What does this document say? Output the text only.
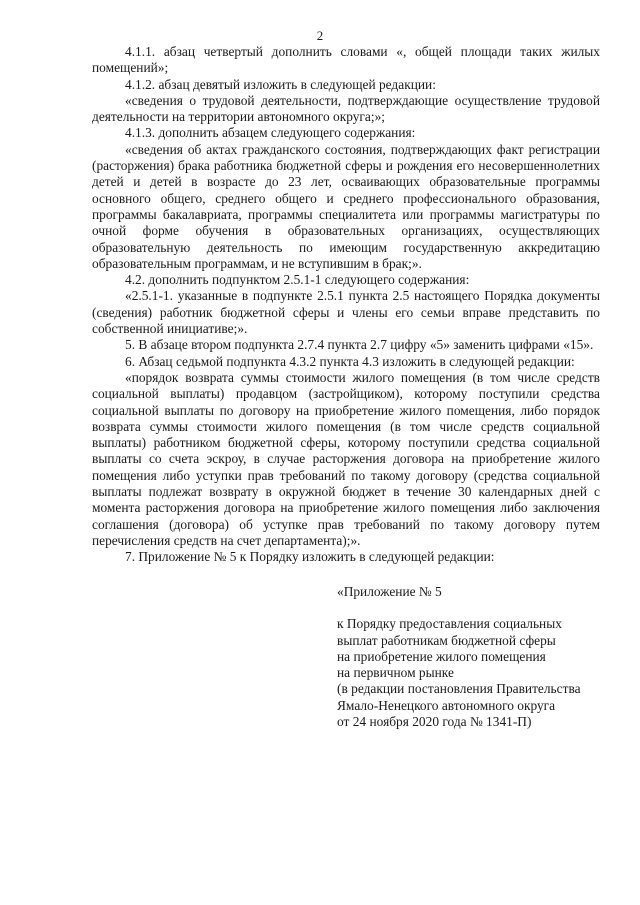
2

4.1.1. абзац четвертый дополнить словами «, общей площади таких жилых помещений»;

4.1.2. абзац девятый изложить в следующей редакции:

«сведения о трудовой деятельности, подтверждающие осуществление трудовой деятельности на территории автономного округа;»;

4.1.3. дополнить абзацем следующего содержания:

«сведения об актах гражданского состояния, подтверждающих факт регистрации (расторжения) брака работника бюджетной сферы и рождения его несовершеннолетних детей и детей в возрасте до 23 лет, осваивающих образовательные программы основного общего, среднего общего и среднего профессионального образования, программы бакалавриата, программы специалитета или программы магистратуры по очной форме обучения в образовательных организациях, осуществляющих образовательную деятельность по имеющим государственную аккредитацию образовательным программам, и не вступившим в брак;».

4.2. дополнить подпунктом 2.5.1-1 следующего содержания:

«2.5.1-1. указанные в подпункте 2.5.1 пункта 2.5 настоящего Порядка документы (сведения) работник бюджетной сферы и члены его семьи вправе представить по собственной инициативе;».

5. В абзаце втором подпункта 2.7.4 пункта 2.7 цифру «5» заменить цифрами «15».

6. Абзац седьмой подпункта 4.3.2 пункта 4.3 изложить в следующей редакции:

«порядок возврата суммы стоимости жилого помещения (в том числе средств социальной выплаты) продавцом (застройщиком), которому поступили средства социальной выплаты по договору на приобретение жилого помещения, либо порядок возврата суммы стоимости жилого помещения (в том числе средств социальной выплаты) работником бюджетной сферы, которому поступили средства социальной выплаты со счета эскроу, в случае расторжения договора на приобретение жилого помещения либо уступки прав требований по такому договору (средства социальной выплаты подлежат возврату в окружной бюджет в течение 30 календарных дней с момента расторжения договора на приобретение жилого помещения либо заключения соглашения (договора) об уступке прав требований по такому договору путем перечисления средств на счет департамента);».

7. Приложение № 5 к Порядку изложить в следующей редакции:

«Приложение № 5

к Порядку предоставления социальных

выплат работникам бюджетной сферы

на приобретение жилого помещения

на первичном рынке

(в редакции постановления Правительства

Ямало-Ненецкого автономного округа

от 24 ноября 2020 года № 1341-П)
